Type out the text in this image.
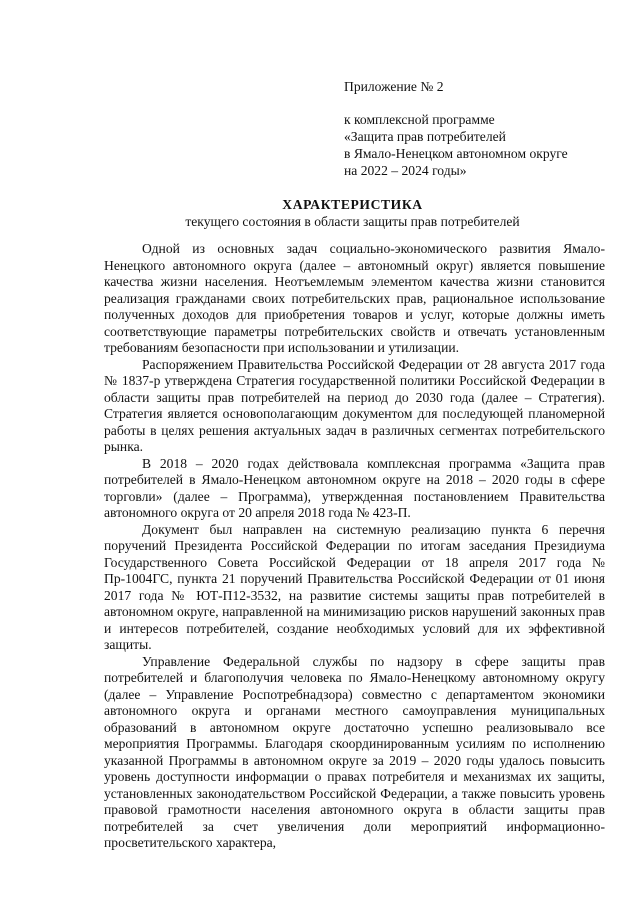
Приложение № 2
к комплексной программе
«Защита прав потребителей
в Ямало-Ненецком автономном округе
на 2022 – 2024 годы»
ХАРАКТЕРИСТИКА
текущего состояния в области защиты прав потребителей

Одной из основных задач социально-экономического развития Ямало-Ненецкого автономного округа (далее – автономный округ) является повышение качества жизни населения. Неотъемлемым элементом качества жизни становится реализация гражданами своих потребительских прав, рациональное использование полученных доходов для приобретения товаров и услуг, которые должны иметь соответствующие параметры потребительских свойств и отвечать установленным требованиям безопасности при использовании и утилизации.

Распоряжением Правительства Российской Федерации от 28 августа 2017 года № 1837-р утверждена Стратегия государственной политики Российской Федерации в области защиты прав потребителей на период до 2030 года (далее – Стратегия). Стратегия является основополагающим документом для последующей планомерной работы в целях решения актуальных задач в различных сегментах потребительского рынка.

В 2018 – 2020 годах действовала комплексная программа «Защита прав потребителей в Ямало-Ненецком автономном округе на 2018 – 2020 годы в сфере торговли» (далее – Программа), утвержденная постановлением Правительства автономного округа от 20 апреля 2018 года № 423-П.

Документ был направлен на системную реализацию пункта 6 перечня поручений Президента Российской Федерации по итогам заседания Президиума Государственного Совета Российской Федерации от 18 апреля 2017 года № Пр-1004ГС, пункта 21 поручений Правительства Российской Федерации от 01 июня 2017 года № ЮТ-П12-3532, на развитие системы защиты прав потребителей в автономном округе, направленной на минимизацию рисков нарушений законных прав и интересов потребителей, создание необходимых условий для их эффективной защиты.

Управление Федеральной службы по надзору в сфере защиты прав потребителей и благополучия человека по Ямало-Ненецкому автономному округу (далее – Управление Роспотребнадзора) совместно с департаментом экономики автономного округа и органами местного самоуправления муниципальных образований в автономном округе достаточно успешно реализовывало все мероприятия Программы. Благодаря скоординированным усилиям по исполнению указанной Программы в автономном округе за 2019 – 2020 годы удалось повысить уровень доступности информации о правах потребителя и механизмах их защиты, установленных законодательством Российской Федерации, а также повысить уровень правовой грамотности населения автономного округа в области защиты прав потребителей за счет увеличения доли мероприятий информационно-просветительского характера,
